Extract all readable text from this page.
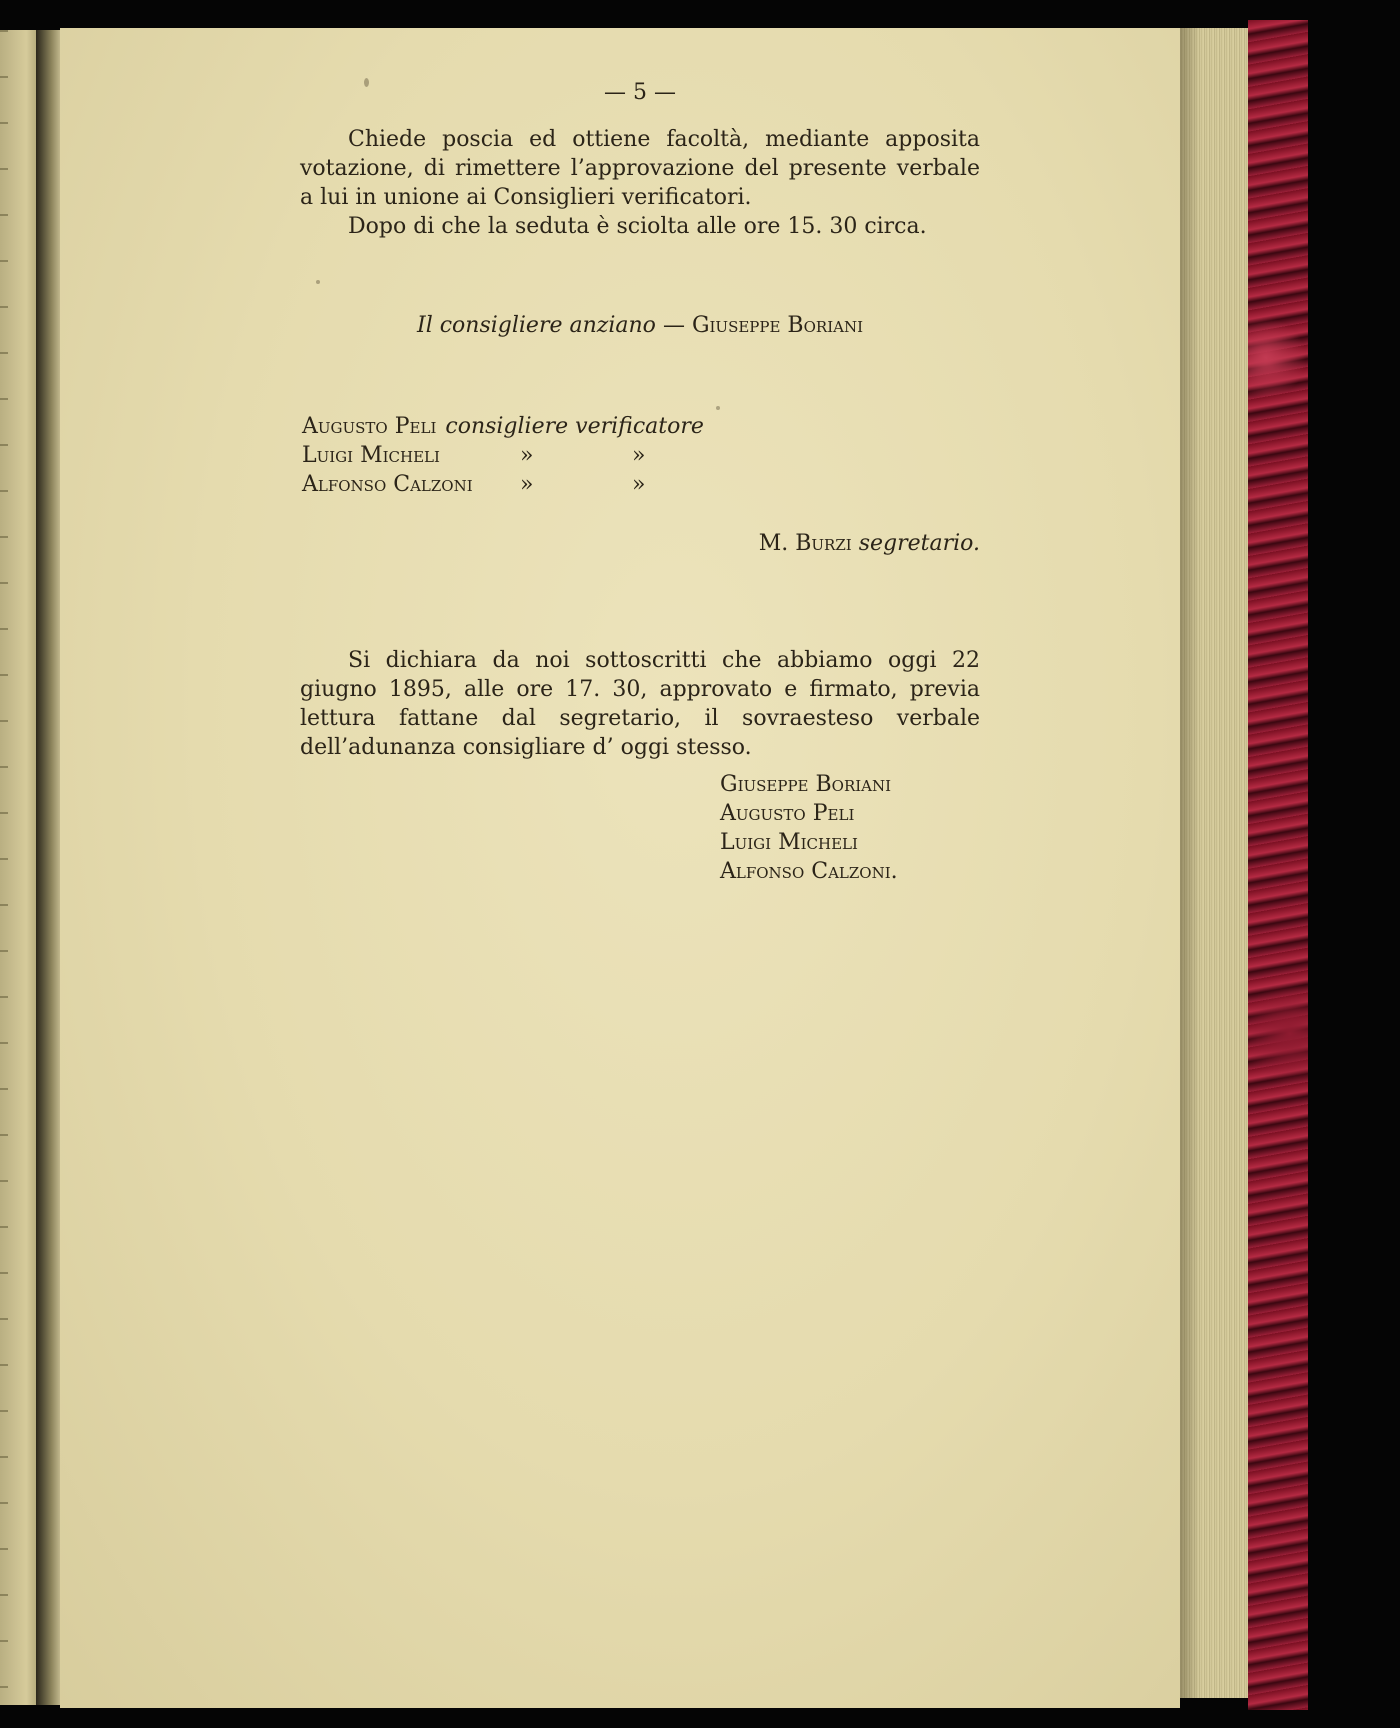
— 5 —

Chiede poscia ed ottiene facoltà, mediante apposita votazione, di rimettere l’approvazione del presente verbale a lui in unione ai Consiglieri verificatori.

Dopo di che la seduta è sciolta alle ore 15. 30 circa.

Il consigliere anziano — Giuseppe Boriani
Augusto Peli consigliere verificatore
Luigi Micheli	»	»
Alfonso Calzoni	»	»
M. Burzi segretario.

Si dichiara da noi sottoscritti che abbiamo oggi 22 giugno 1895, alle ore 17. 30, approvato e firmato, previa lettura fattane dal segretario, il sovraesteso verbale dell’adunanza consigliare d’ oggi stesso.

Giuseppe Boriani
Augusto Peli
Luigi Micheli
Alfonso Calzoni.
